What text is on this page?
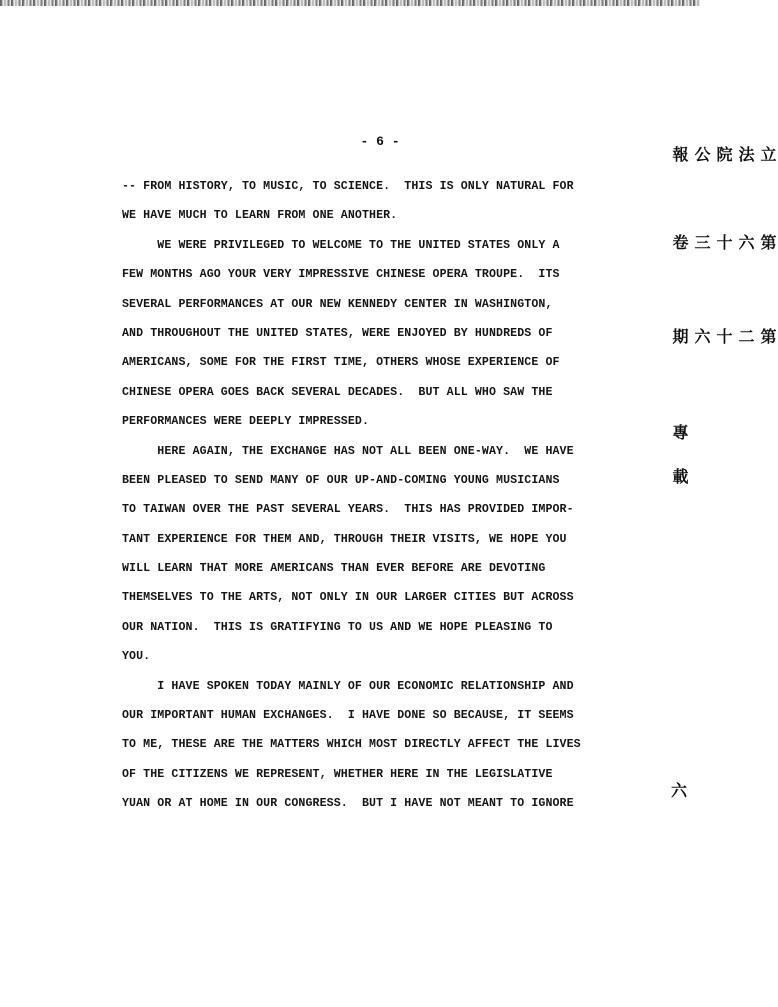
- 6 -
-- FROM HISTORY, TO MUSIC, TO SCIENCE.  THIS IS ONLY NATURAL FOR
WE HAVE MUCH TO LEARN FROM ONE ANOTHER.
WE WERE PRIVILEGED TO WELCOME TO THE UNITED STATES ONLY A
FEW MONTHS AGO YOUR VERY IMPRESSIVE CHINESE OPERA TROUPE.  ITS
SEVERAL PERFORMANCES AT OUR NEW KENNEDY CENTER IN WASHINGTON,
AND THROUGHOUT THE UNITED STATES, WERE ENJOYED BY HUNDREDS OF
AMERICANS, SOME FOR THE FIRST TIME, OTHERS WHOSE EXPERIENCE OF
CHINESE OPERA GOES BACK SEVERAL DECADES.  BUT ALL WHO SAW THE
PERFORMANCES WERE DEEPLY IMPRESSED.
HERE AGAIN, THE EXCHANGE HAS NOT ALL BEEN ONE-WAY.  WE HAVE
BEEN PLEASED TO SEND MANY OF OUR UP-AND-COMING YOUNG MUSICIANS
TO TAIWAN OVER THE PAST SEVERAL YEARS.  THIS HAS PROVIDED IMPOR-
TANT EXPERIENCE FOR THEM AND, THROUGH THEIR VISITS, WE HOPE YOU
WILL LEARN THAT MORE AMERICANS THAN EVER BEFORE ARE DEVOTING
THEMSELVES TO THE ARTS, NOT ONLY IN OUR LARGER CITIES BUT ACROSS
OUR NATION.  THIS IS GRATIFYING TO US AND WE HOPE PLEASING TO
YOU.
I HAVE SPOKEN TODAY MAINLY OF OUR ECONOMIC RELATIONSHIP AND
OUR IMPORTANT HUMAN EXCHANGES.  I HAVE DONE SO BECAUSE, IT SEEMS
TO ME, THESE ARE THE MATTERS WHICH MOST DIRECTLY AFFECT THE LIVES
OF THE CITIZENS WE REPRESENT, WHETHER HERE IN THE LEGISLATIVE
YUAN OR AT HOME IN OUR CONGRESS.  BUT I HAVE NOT MEANT TO IGNORE
立法院公報
第六十三卷
第二十六期
專
載
六
